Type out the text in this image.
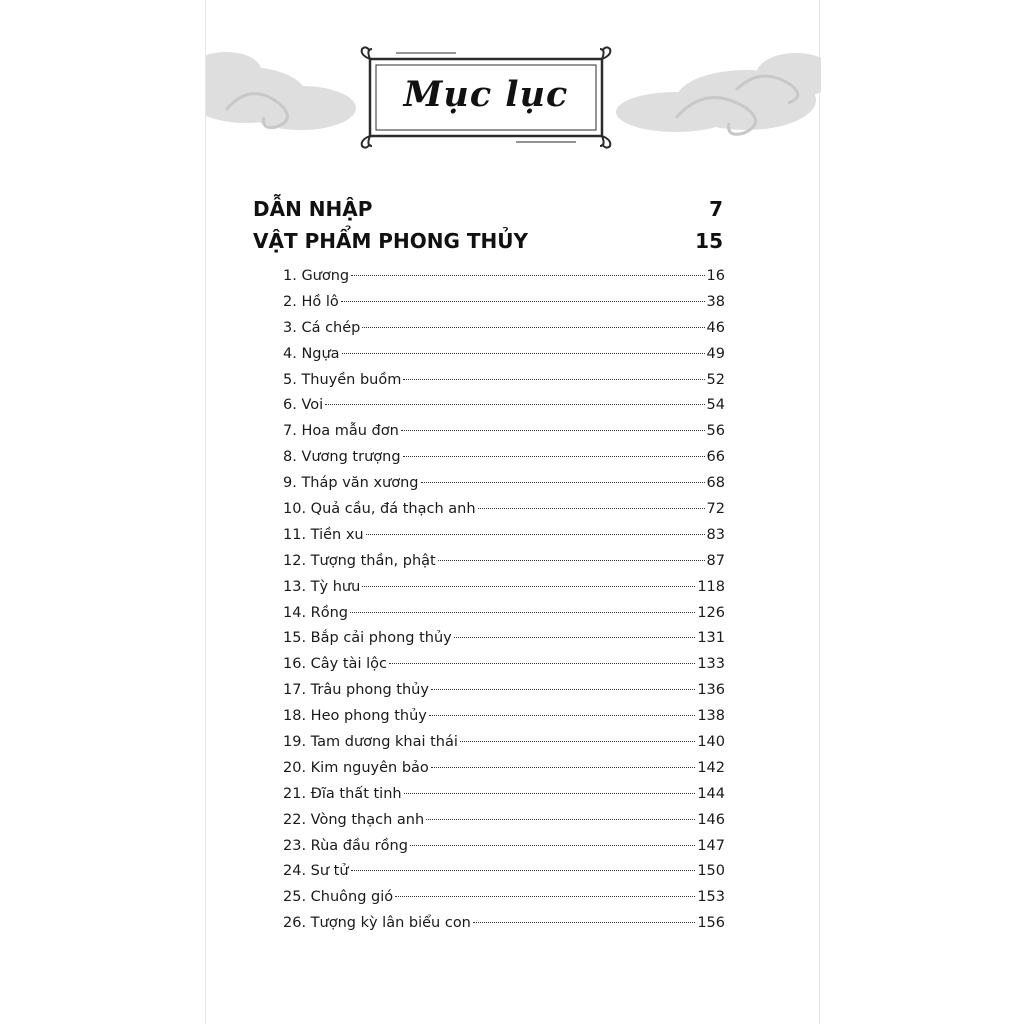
Mục lục
DẪN NHẬP	7
VẬT PHẨM PHONG THỦY	15
1. Gương	16
2. Hồ lô	38
3. Cá chép	46
4. Ngựa	49
5. Thuyền buồm	52
6. Voi	54
7. Hoa mẫu đơn	56
8. Vương trượng	66
9. Tháp văn xương	68
10. Quả cầu, đá thạch anh	72
11. Tiền xu	83
12. Tượng thần, phật	87
13. Tỳ hưu	118
14. Rồng	126
15. Bắp cải phong thủy	131
16. Cây tài lộc	133
17. Trâu phong thủy	136
18. Heo phong thủy	138
19. Tam dương khai thái	140
20. Kim nguyên bảo	142
21. Đĩa thất tinh	144
22. Vòng thạch anh	146
23. Rùa đầu rồng	147
24. Sư tử	150
25. Chuông gió	153
26. Tượng kỳ lân biểu con	156
